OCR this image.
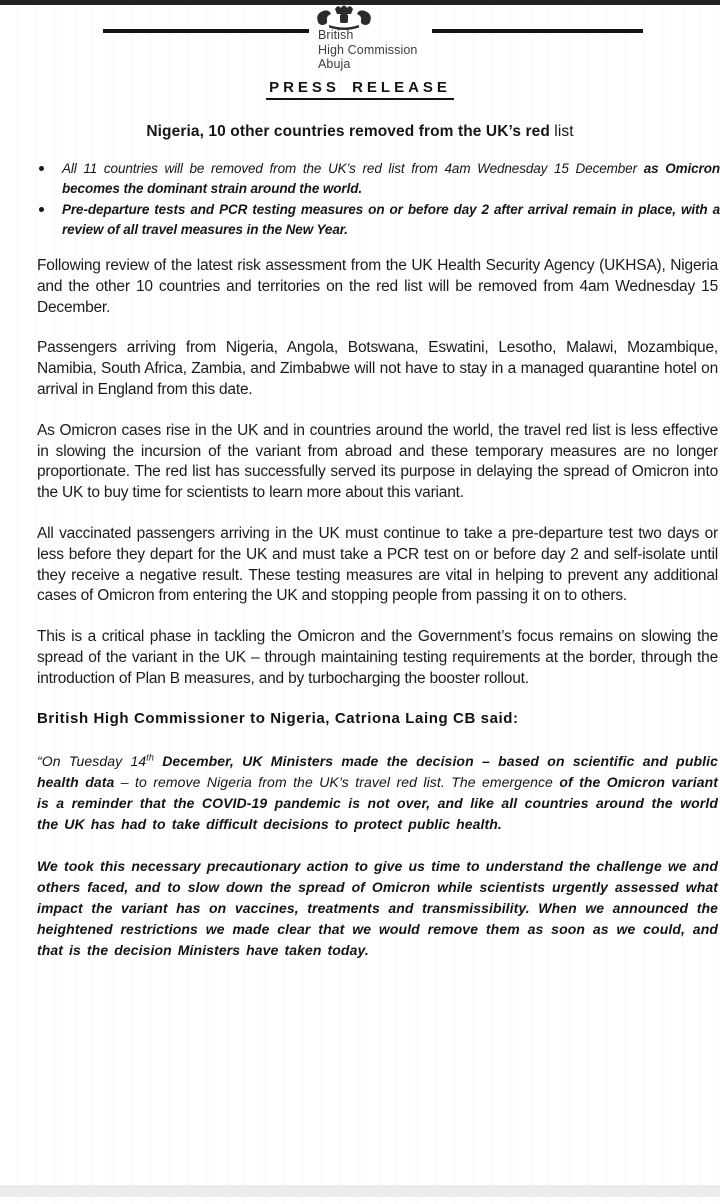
British
High Commission
Abuja
PRESS RELEASE
Nigeria, 10 other countries removed from the UK’s red list
All 11 countries will be removed from the UK’s red list from 4am Wednesday 15 December as Omicron becomes the dominant strain around the world.
Pre-departure tests and PCR testing measures on or before day 2 after arrival remain in place, with a review of all travel measures in the New Year.

Following review of the latest risk assessment from the UK Health Security Agency (UKHSA), Nigeria and the other 10 countries and territories on the red list will be removed from 4am Wednesday 15 December.

Passengers arriving from Nigeria, Angola, Botswana, Eswatini, Lesotho, Malawi, Mozambique, Namibia, South Africa, Zambia, and Zimbabwe will not have to stay in a managed quarantine hotel on arrival in England from this date.

As Omicron cases rise in the UK and in countries around the world, the travel red list is less effective in slowing the incursion of the variant from abroad and these temporary measures are no longer proportionate. The red list has successfully served its purpose in delaying the spread of Omicron into the UK to buy time for scientists to learn more about this variant.

All vaccinated passengers arriving in the UK must continue to take a pre-departure test two days or less before they depart for the UK and must take a PCR test on or before day 2 and self-isolate until they receive a negative result. These testing measures are vital in helping to prevent any additional cases of Omicron from entering the UK and stopping people from passing it on to others.

This is a critical phase in tackling the Omicron and the Government’s focus remains on slowing the spread of the variant in the UK – through maintaining testing requirements at the border, through the introduction of Plan B measures, and by turbocharging the booster rollout.

British High Commissioner to Nigeria, Catriona Laing CB said:

“On Tuesday 14th December, UK Ministers made the decision – based on scientific and public health data – to remove Nigeria from the UK’s travel red list. The emergence of the Omicron variant is a reminder that the COVID-19 pandemic is not over, and like all countries around the world the UK has had to take difficult decisions to protect public health.

We took this necessary precautionary action to give us time to understand the challenge we and others faced, and to slow down the spread of Omicron while scientists urgently assessed what impact the variant has on vaccines, treatments and transmissibility. When we announced the heightened restrictions we made clear that we would remove them as soon as we could, and that is the decision Ministers have taken today.
